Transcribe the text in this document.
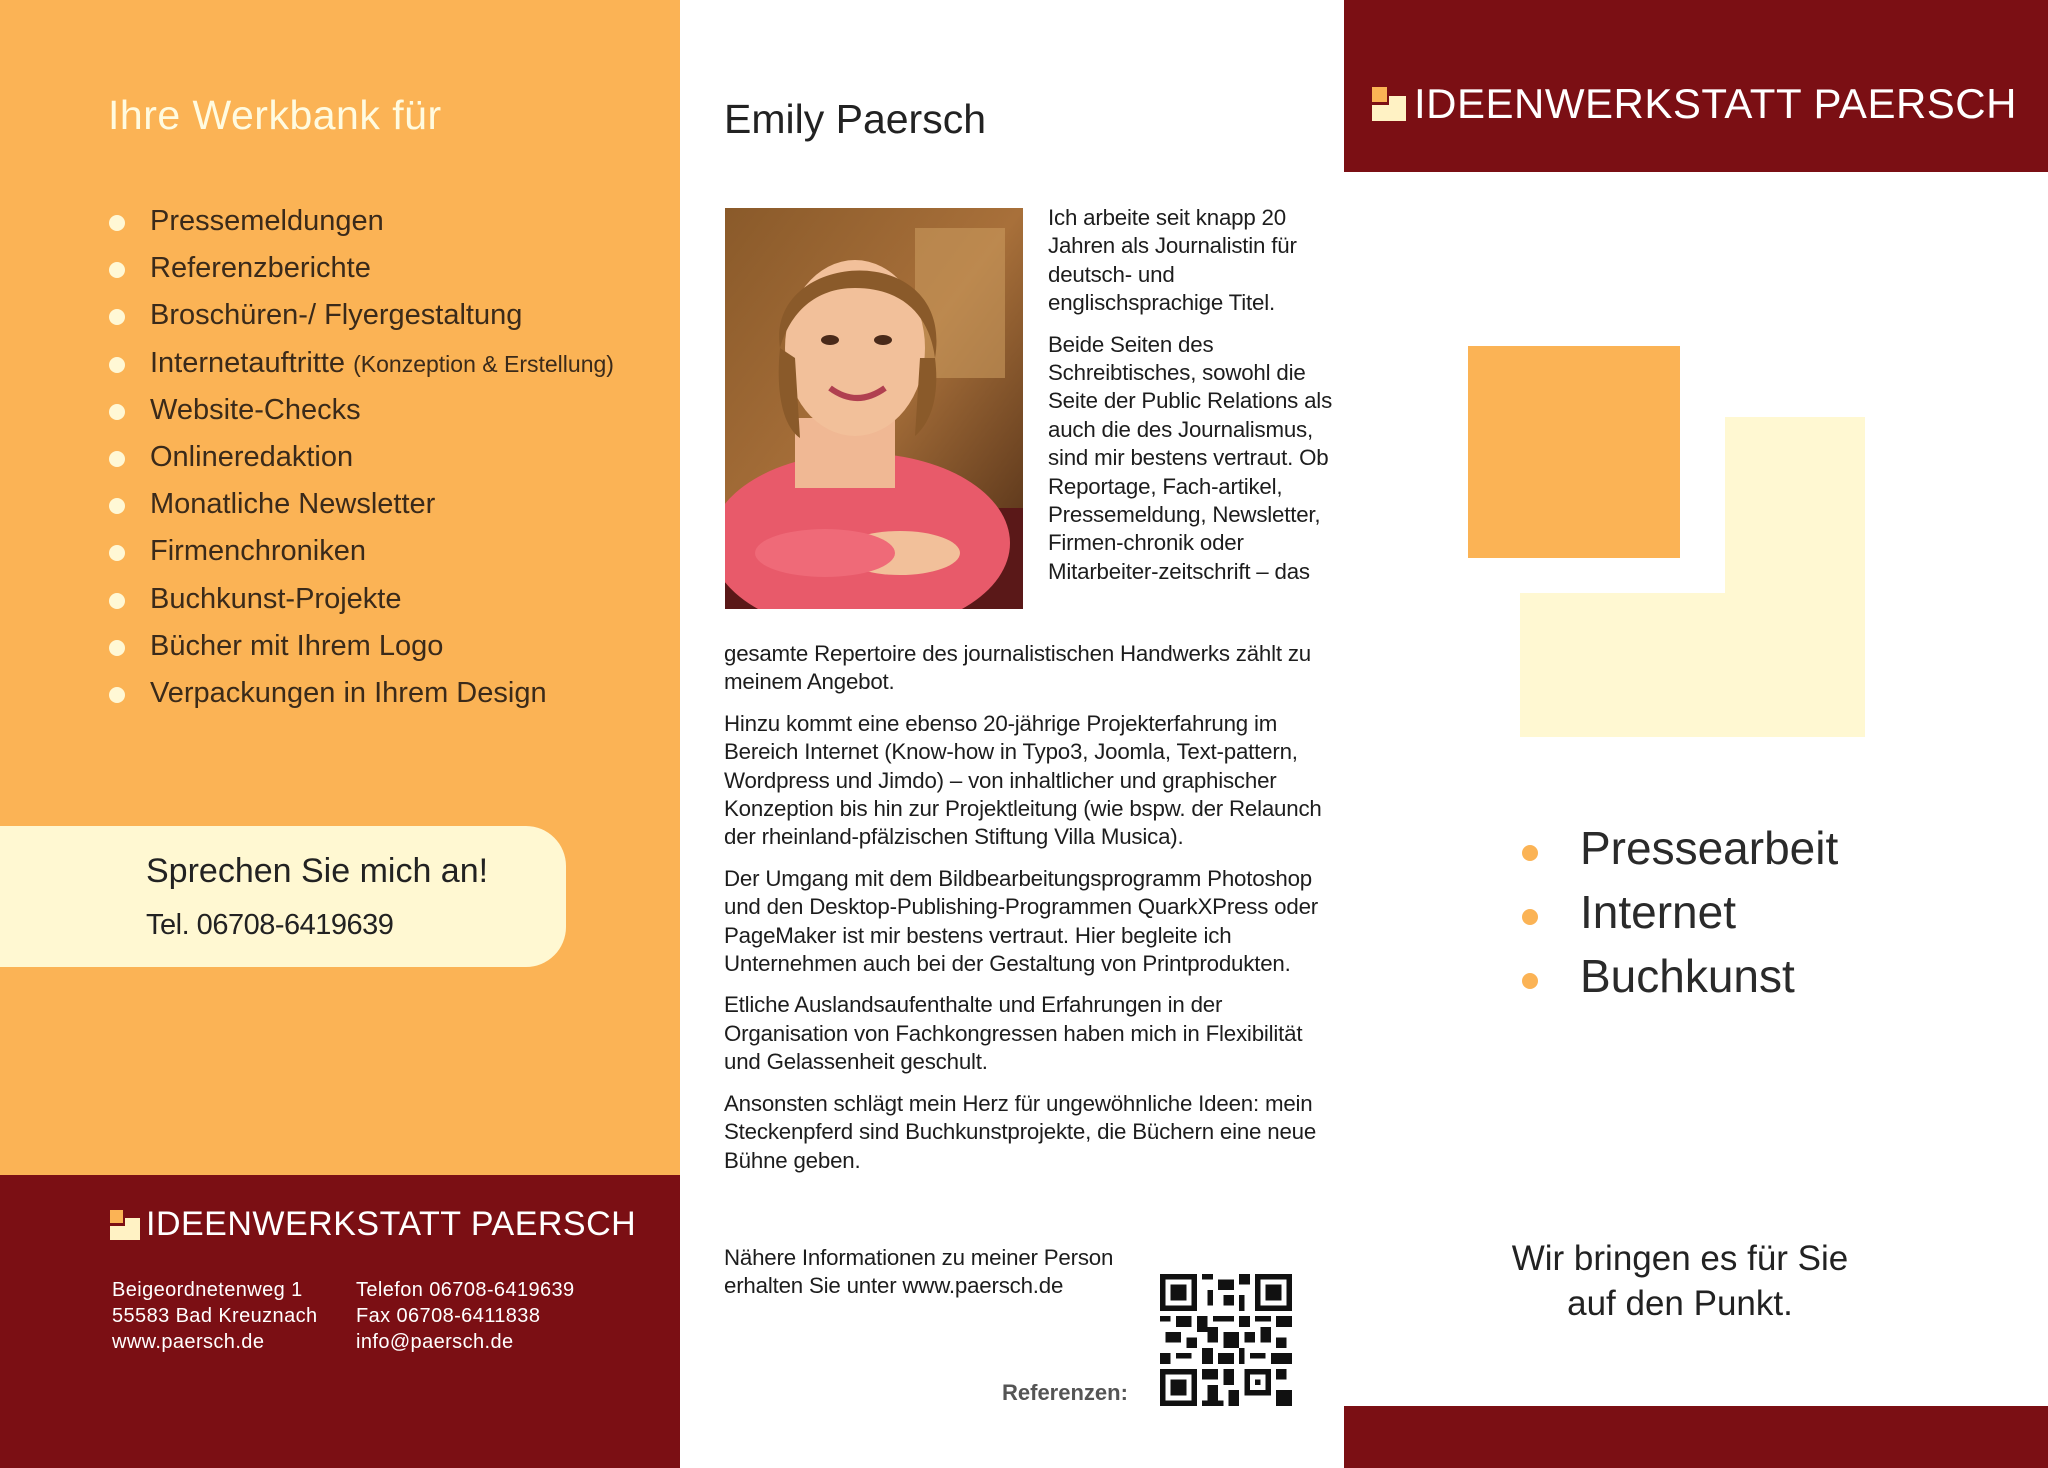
Ihre Werkbank für
Pressemeldungen
Referenzberichte
Broschüren-/ Flyergestaltung
Internetauftritte (Konzeption & Erstellung)
Website-Checks
Onlineredaktion
Monatliche Newsletter
Firmenchroniken
Buchkunst-Projekte
Bücher mit Ihrem Logo
Verpackungen in Ihrem Design
Sprechen Sie mich an!
Tel. 06708-6419639
IDEENWERKSTATT PAERSCH
Beigeordnetenweg 1
55583 Bad Kreuznach
www.paersch.de
Telefon 06708-6419639
Fax 06708-6411838
info@paersch.de
Emily Paersch

Ich arbeite seit knapp 20 Jahren als Journalistin für deutsch- und englischsprachige Titel.

Beide Seiten des Schreibtisches, sowohl die Seite der Public Relations als auch die des Journalismus, sind mir bestens vertraut. Ob Reportage, Fach-artikel, Pressemeldung, Newsletter, Firmen-chronik oder Mitarbeiter-zeitschrift – das

gesamte Repertoire des journalistischen Handwerks zählt zu meinem Angebot.

Hinzu kommt eine ebenso 20-jährige Projekterfahrung im Bereich Internet (Know-how in Typo3, Joomla, Text-pattern, Wordpress und Jimdo) – von inhaltlicher und graphischer Konzeption bis hin zur Projektleitung (wie bspw. der Relaunch der rheinland-pfälzischen Stiftung Villa Musica).

Der Umgang mit dem Bildbearbeitungsprogramm Photoshop und den Desktop-Publishing-Programmen QuarkXPress oder PageMaker ist mir bestens vertraut. Hier begleite ich Unternehmen auch bei der Gestaltung von Printprodukten.

Etliche Auslandsaufenthalte und Erfahrungen in der Organisation von Fachkongressen haben mich in Flexibilität und Gelassenheit geschult.

Ansonsten schlägt mein Herz für ungewöhnliche Ideen: mein Steckenpferd sind Buchkunstprojekte, die Büchern eine neue Bühne geben.

Nähere Informationen zu meiner Person erhalten Sie unter www.paersch.de
Referenzen:
IDEENWERKSTATT PAERSCH
Pressearbeit
Internet
Buchkunst
Wir bringen es für Sie
auf den Punkt.
